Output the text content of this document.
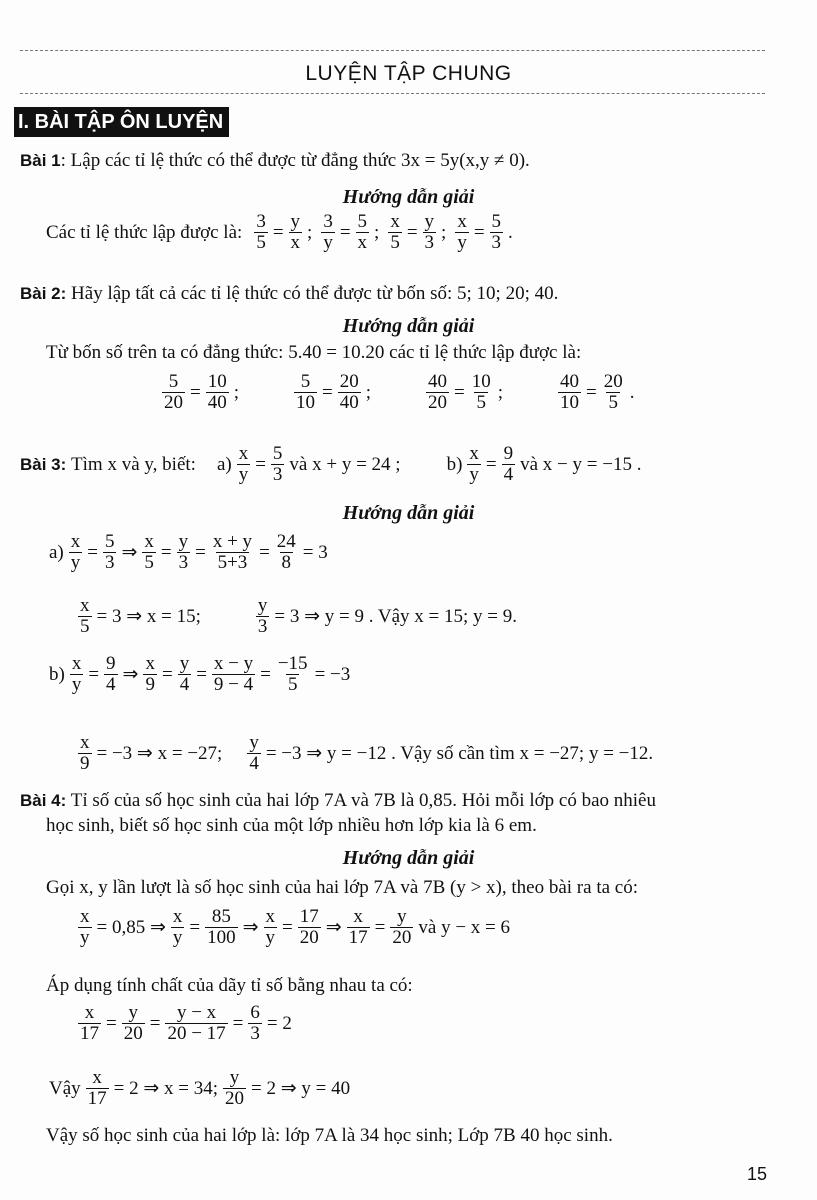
LUYỆN TẬP CHUNG
I. BÀI TẬP ÔN LUYỆN
Bài 1: Lập các tỉ lệ thức có thể được từ đẳng thức 3x = 5y(x,y ≠ 0).
Hướng dẫn giải
Các tỉ lệ thức lập được là: $\frac{3}{5} = \frac{y}{x}$ ; $\frac{3}{y} = \frac{5}{x}$ ; $\frac{x}{5} = \frac{y}{3}$ ; $\frac{x}{y} = \frac{5}{3}$ .
Bài 2: Hãy lập tất cả các tỉ lệ thức có thể được từ bốn số: 5; 10; 20; 40.
Hướng dẫn giải
Từ bốn số trên ta có đẳng thức: 5.40 = 10.20 các tỉ lệ thức lập được là:
$\frac{5}{20} = \frac{10}{40}$ ;	$\frac{5}{10} = \frac{20}{40}$ ;	$\frac{40}{20} = \frac{10}{5}$ ;	$\frac{40}{10} = \frac{20}{5}$ .
Bài 3:
Tìm x và y, biết: $a) \frac{x}{y} = \frac{5}{3}$ và x + y = 24 ; $b) \frac{x}{y} = \frac{9}{4}$ và x − y = −15 .
Hướng dẫn giải
$a) \frac{x}{y} = \frac{5}{3}$ ⇒ $\frac{x}{5} = \frac{y}{3} = \frac{x + y}{5+3} = \frac{24}{8} = 3$
$\frac{x}{5} = 3$ ⇒ x = 15;	$\frac{y}{3} = 3$ ⇒ y = 9 . Vậy x = 15; y = 9.
$b) \frac{x}{y} = \frac{9}{4}$ ⇒ $\frac{x}{9} = \frac{y}{4} = \frac{x - y}{9 - 4} = \frac{-15}{5} = -3$
$\frac{x}{9} = -3$ ⇒ x = −27; $\frac{y}{4} = -3$ ⇒ y = −12 . Vậy số cần tìm x = −27; y = −12.
Bài 4: Tỉ số của số học sinh của hai lớp 7A và 7B là 0,85. Hỏi mỗi lớp có bao nhiêu
học sinh, biết số học sinh của một lớp nhiều hơn lớp kia là 6 em.
Hướng dẫn giải
Gọi x, y lần lượt là số học sinh của hai lớp 7A và 7B (y > x), theo bài ra ta có:
$\frac{x}{y} = 0,85$ ⇒ $\frac{x}{y} = \frac{85}{100}$ ⇒ $\frac{x}{y} = \frac{17}{20}$ ⇒ $\frac{x}{17} = \frac{y}{20}$ và y − x = 6
Áp dụng tính chất của dãy tỉ số bằng nhau ta có:
$\frac{x}{17} = \frac{y}{20} = \frac{y - x}{20 - 17} = \frac{6}{3} = 2$
Vậy $\frac{x}{17} = 2$ ⇒ x = 34; $\frac{y}{20} = 2$ ⇒ y = 40
Vậy số học sinh của hai lớp là: lớp 7A là 34 học sinh; Lớp 7B 40 học sinh.
15
